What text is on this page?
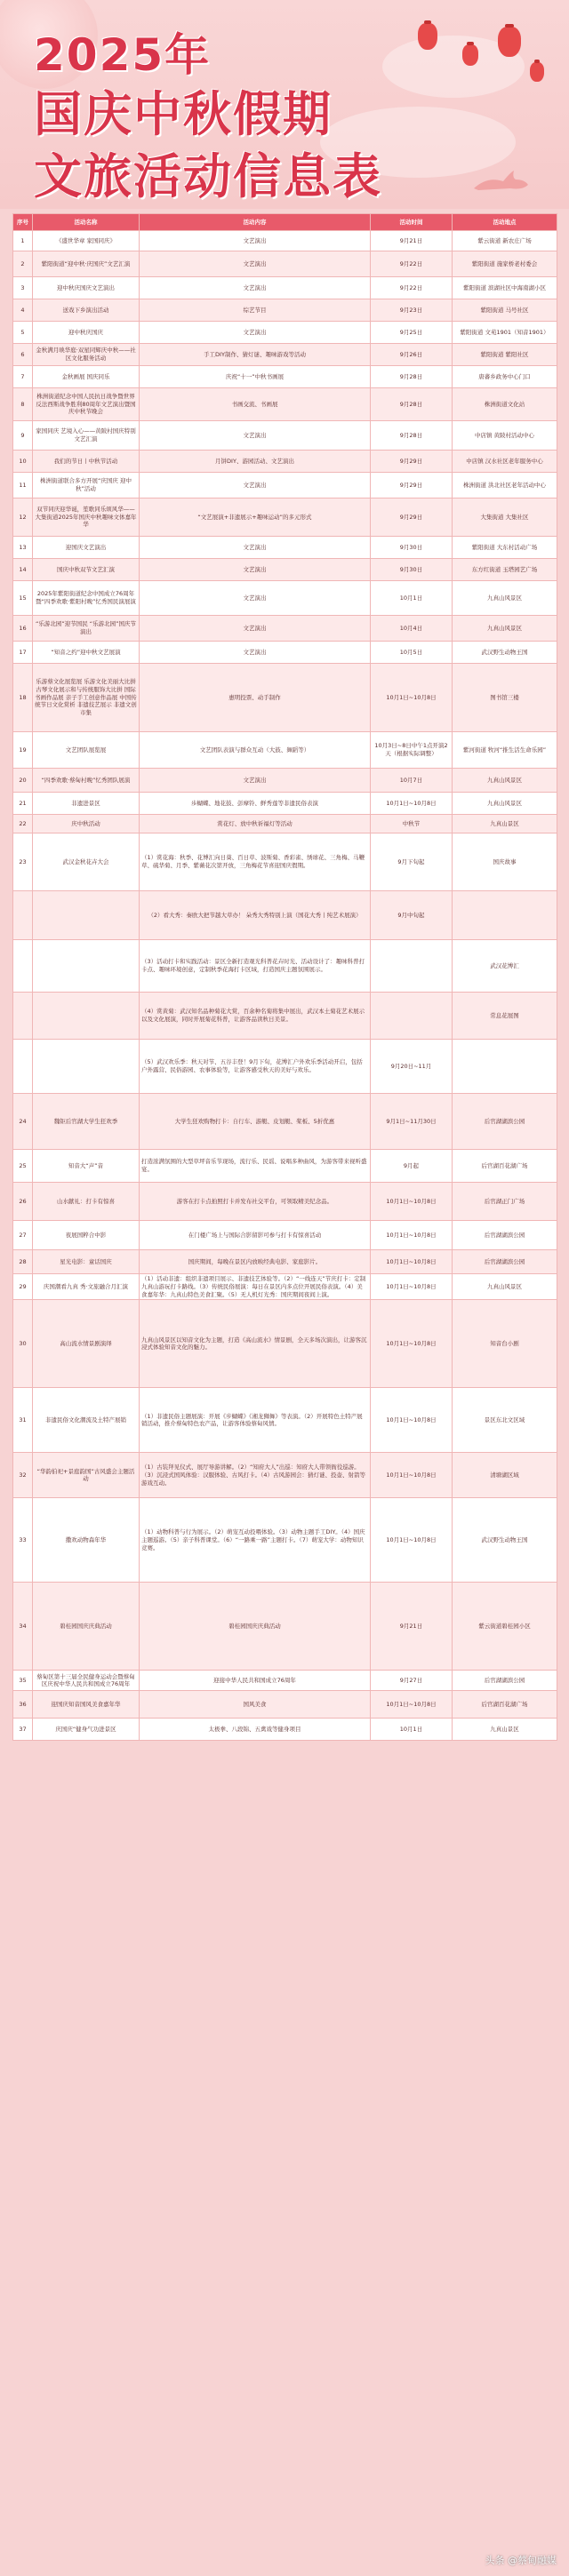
2025年
国庆中秋假期
文旅活动信息表
序号	活动名称	活动内容	活动时间	活动地点
1	《盛世华章 家国同庆》	文艺演出	9月21日	紫云街道 新农庄广场
2	紫阳街道“迎中秋·庆国庆”文艺汇演	文艺演出	9月22日	紫阳街道 施家桥老村委会
3	迎中秋庆国庆文艺演出	文艺演出	9月22日	紫阳街道 滨湖社区中海南湖小区
4	送戏下乡演出活动	综艺节目	9月23日	紫阳街道 马号社区
5	迎中秋庆国庆	文艺演出	9月25日	紫阳街道 文苑1901（知音1901）
6	金秋满月映华庭·双星同辉庆中秋——社区文化服务活动	手工DIY制作、猜灯谜、趣味游戏等活动	9月26日	紫阳街道 紫阳社区
7	金秋画展 国庆同乐	庆祝“十一”中秋书画展	9月28日	唐蕃乡政务中心门口
8	株洲街道纪念中国人民抗日战争暨世界反法西斯战争胜利80周年文艺演出暨国庆中秋节晚会	书画交流、书画展	9月28日	株洲街道文化站
9	家国同庆 艺境入心——黄陂村国庆特别文艺汇演	文艺演出	9月28日	中店镇 黄陂村活动中心
10	我们的节日丨中秋节活动	月饼DIY、游园活动、文艺演出	9月29日	中店镇 汉水社区老年服务中心
11	株洲街道联合多方开展“庆国庆 迎中秋”活动	文艺演出	9月29日	株洲街道 洪北社区老年活动中心
12	双节同庆迎华诞，笙歌同乐颂风华——大集街道2025年国庆中秋趣味文体嘉年华	“文艺展演+非遗展示+趣味运动”的多元形式	9月29日	大集街道 大集社区
13	迎国庆文艺演出	文艺演出	9月30日	紫阳街道 大东村活动广场
14	国庆中秋双节文艺汇演	文艺演出	9月30日	东方红街道 玉塔园艺广场
15	2025年紫阳街道纪念中国成立76周年暨“四季欢歌·紫阳村晚”忆秀国民演展演	文艺演出	10月1日	九真山风景区
16	“乐游北园”迎节国民 “乐游北园”国庆节演出	文艺演出	10月4日	九真山风景区
17	“知音之约”迎中秋文艺展演	文艺演出	10月5日	武汉野生动物王国
18	乐游蔡文化展览展 乐游文化美丽大比拼 古琴文化展示和与传统服饰大比拼 国际书画作品展 亲子手工创意作品展 中国传统节日文化赏析 非遗技艺展示 非遗文创市集	惠明投票、动手制作	10月1日~10月8日	图书馆三楼
19	文艺团队展览展	文艺团队表演与群众互动（大鼓、舞蹈等）	10月3日~8日中午1点开演2天（根据实际调整）	紫河街道 牧河“推生活生命乐园”
20	“四季欢歌·蔡甸村晚”忆秀团队展演	文艺演出	10月7日	九真山风景区
21	非遗进景区	歩蝴蝶、地花鼓、彭摩铃、鲜秀莲等非遗民俗表演	10月1日~10月8日	九真山风景区
22	庆中秋活动	赏花灯、放中秋祈福灯等活动	中秋节	九真山景区
23	武汉金秋花卉大会	（1）赏花海：秋季、花博汇向日葵、百日草、波斯菊、香彩雀、绣球花、三角梅、马鞭草、硫华菊、月季、紫薇花次第开放，三角梅花节喜迎国庆假期。	9月下旬起	国庆故事
		（2）看大秀：秦欧大把节越大草办！ 朵秀大秀特别上演（国花大秀丨纯艺术展演）	9月中旬起	
		（3）活动打卡和实践活动：景区全新打造观光科普花卉时光、活动设计了：趣味科普打卡点、趣味环境创意，定制秋季花海打卡区域，打造国庆主题氛围展示。		武汉花博汇
		（4）赏黄菊：武汉知名品种菊花大赏，百余种名菊将集中展出，武汉本土菊花艺术展示以及文化展演，同时开展菊花科普，让游客品读秋日美景。		常息花展图
		（5）武汉欢乐季：秋天对节、五谷丰登！9月下旬，花博汇户外欢乐季活动开启，包括户外露营、民俗游园、农事体验等，让游客感受秋天的美好与欢乐。	9月20日~11月	
24	魏钜后官湖大学生狂欢季	大学生狂欢购物打卡：自行车、游艇、皮划艇、桨板、5折优惠	9月1日~11月30日	后官湖湖滨公园
25	知音大“声”音	打造浓满氛围的大型草坪音乐节现场，流行乐、民谣、说唱多种曲风，为游客带来视听盛宴。	9月起	后官湖百花湖广场
26	山水献礼：打卡有惊喜	游客在打卡点拍照打卡并发布社交平台，可领取精美纪念品。	10月1日~10月8日	后官湖正门广场
27	夜展国粹合中影	在门楼广场上与国际合影留影可参与打卡有惊喜活动	10月1日~10月8日	后官湖湖滨公园
28	星光电影：童话国庆	国庆期间，每晚在景区内放映经典电影、家庭影片。	10月1日~10月8日	后官湖湖滨公园
29	庆国潮看九真 秀·文旅融合月汇演	（1）活动非遗：组织非遗项目展示、非遗技艺体验等。（2）“一线连天”节庆打卡：定制九真山游玩打卡路线。（3）传统民俗展演：每日在景区内多点位开展民俗表演。（4）美食嘉年华：九真山特色美食汇聚。（5）无人机灯光秀：国庆期间夜间上演。	10月1日~10月8日	九真山风景区
30	高山流水情景剧演绎	九真山风景区以知音文化为主题，打造《高山流水》情景剧，全天多场次演出，让游客沉浸式体验知音文化的魅力。	10月1日~10月8日	知音台小剧
31	非遗民俗文化潮流及土特产展销	（1）非遗民俗主题展演：开展《步蝴蝶》《湘龙狮舞》等表演。（2）开展特色土特产展销活动，推介蔡甸特色农产品，让游客体验蔡甸风情。	10月1日~10月8日	景区东北文区域
32	“华韵伯祀+景庭韵国”古风盛会主题活动	（1）古装拜见仪式、展厅导游讲解。（2）“知府大人”出巡：知府大人带领衙役巡游。（3）沉浸式国风体验：汉服体验、古风打卡。（4）古风游园会：猜灯谜、投壶、射箭等游戏互动。	10月1日~10月8日	清塘湖区域
33	撒欢动物森年华	（1）动物科普与行为展示。（2）萌宠互动投喂体验。（3）动物主题手工DIY。（4）国庆主题巡游。（5）亲子科普课堂。（6）“一路乘一路”主题打卡。（7）萌宠大学：动物知识竞赛。	10月1日~10月8日	武汉野生动物王国
34	碧桂园国庆庆典活动	碧桂园国庆庆典活动	9月21日	紫云街道碧桂园小区
35	蔡甸区第十三届全民健身运动会暨蔡甸区庆祝中华人民共和国成立76周年	迎接中华人民共和国成立76周年	9月27日	后官湖湖滨公园
36	迎国庆知音国风美食嘉年华	国风美食	10月1日~10月8日	后官湖百花湖广场
37	庆国庆“健身气功进景区	太极拳、八段锦、五禽戏等健身项目	10月1日	九真山景区
头条 @蔡甸融媒
